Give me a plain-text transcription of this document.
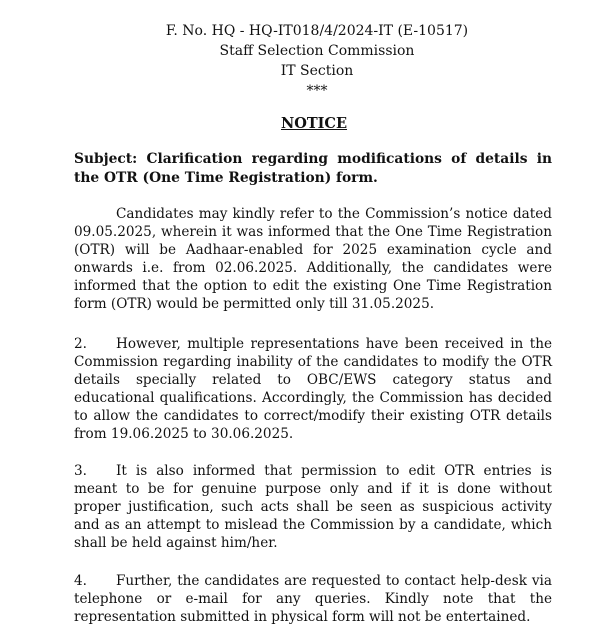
F. No. HQ - HQ-IT018/4/2024-IT (E-10517)
Staff Selection Commission
IT Section
***
NOTICE

Subject: Clarification regarding modifications of details in the OTR (One Time Registration) form.

Candidates may kindly refer to the Commission’s notice dated 09.05.2025, wherein it was informed that the One Time Registration (OTR) will be Aadhaar-enabled for 2025 examination cycle and onwards i.e. from 02.06.2025. Additionally, the candidates were informed that the option to edit the existing One Time Registration form (OTR) would be permitted only till 31.05.2025.

2. However, multiple representations have been received in the Commission regarding inability of the candidates to modify the OTR details specially related to OBC/EWS category status and educational qualifications. Accordingly, the Commission has decided to allow the candidates to correct/modify their existing OTR details from 19.06.2025 to 30.06.2025.

3. It is also informed that permission to edit OTR entries is meant to be for genuine purpose only and if it is done without proper justification, such acts shall be seen as suspicious activity and as an attempt to mislead the Commission by a candidate, which shall be held against him/her.

4. Further, the candidates are requested to contact help-desk via telephone or e-mail for any queries. Kindly note that the representation submitted in physical form will not be entertained.
